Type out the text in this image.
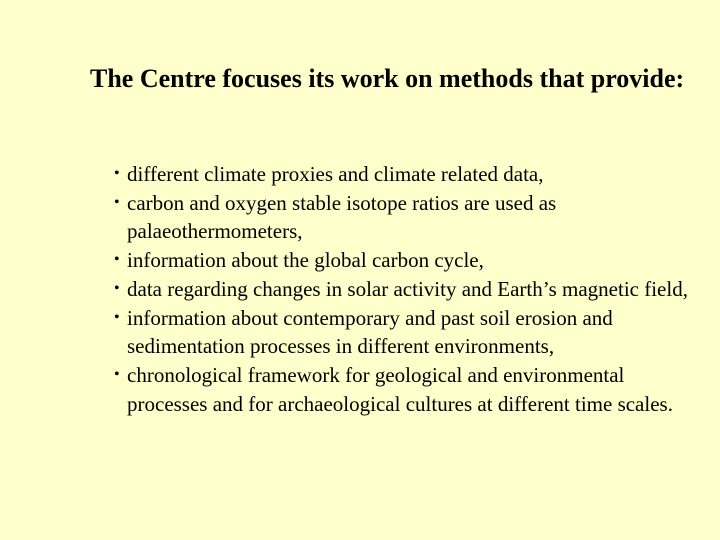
The Centre focuses its work on methods that provide:
• different climate proxies and climate related data,
• carbon and oxygen stable isotope ratios are used as palaeothermometers,
• information about the global carbon cycle,
• data regarding changes in solar activity and Earth’s magnetic field,
• information about contemporary and past soil erosion and sedimentation processes in different environments,
• chronological framework for geological and environmental processes and for archaeological cultures at different time scales.
